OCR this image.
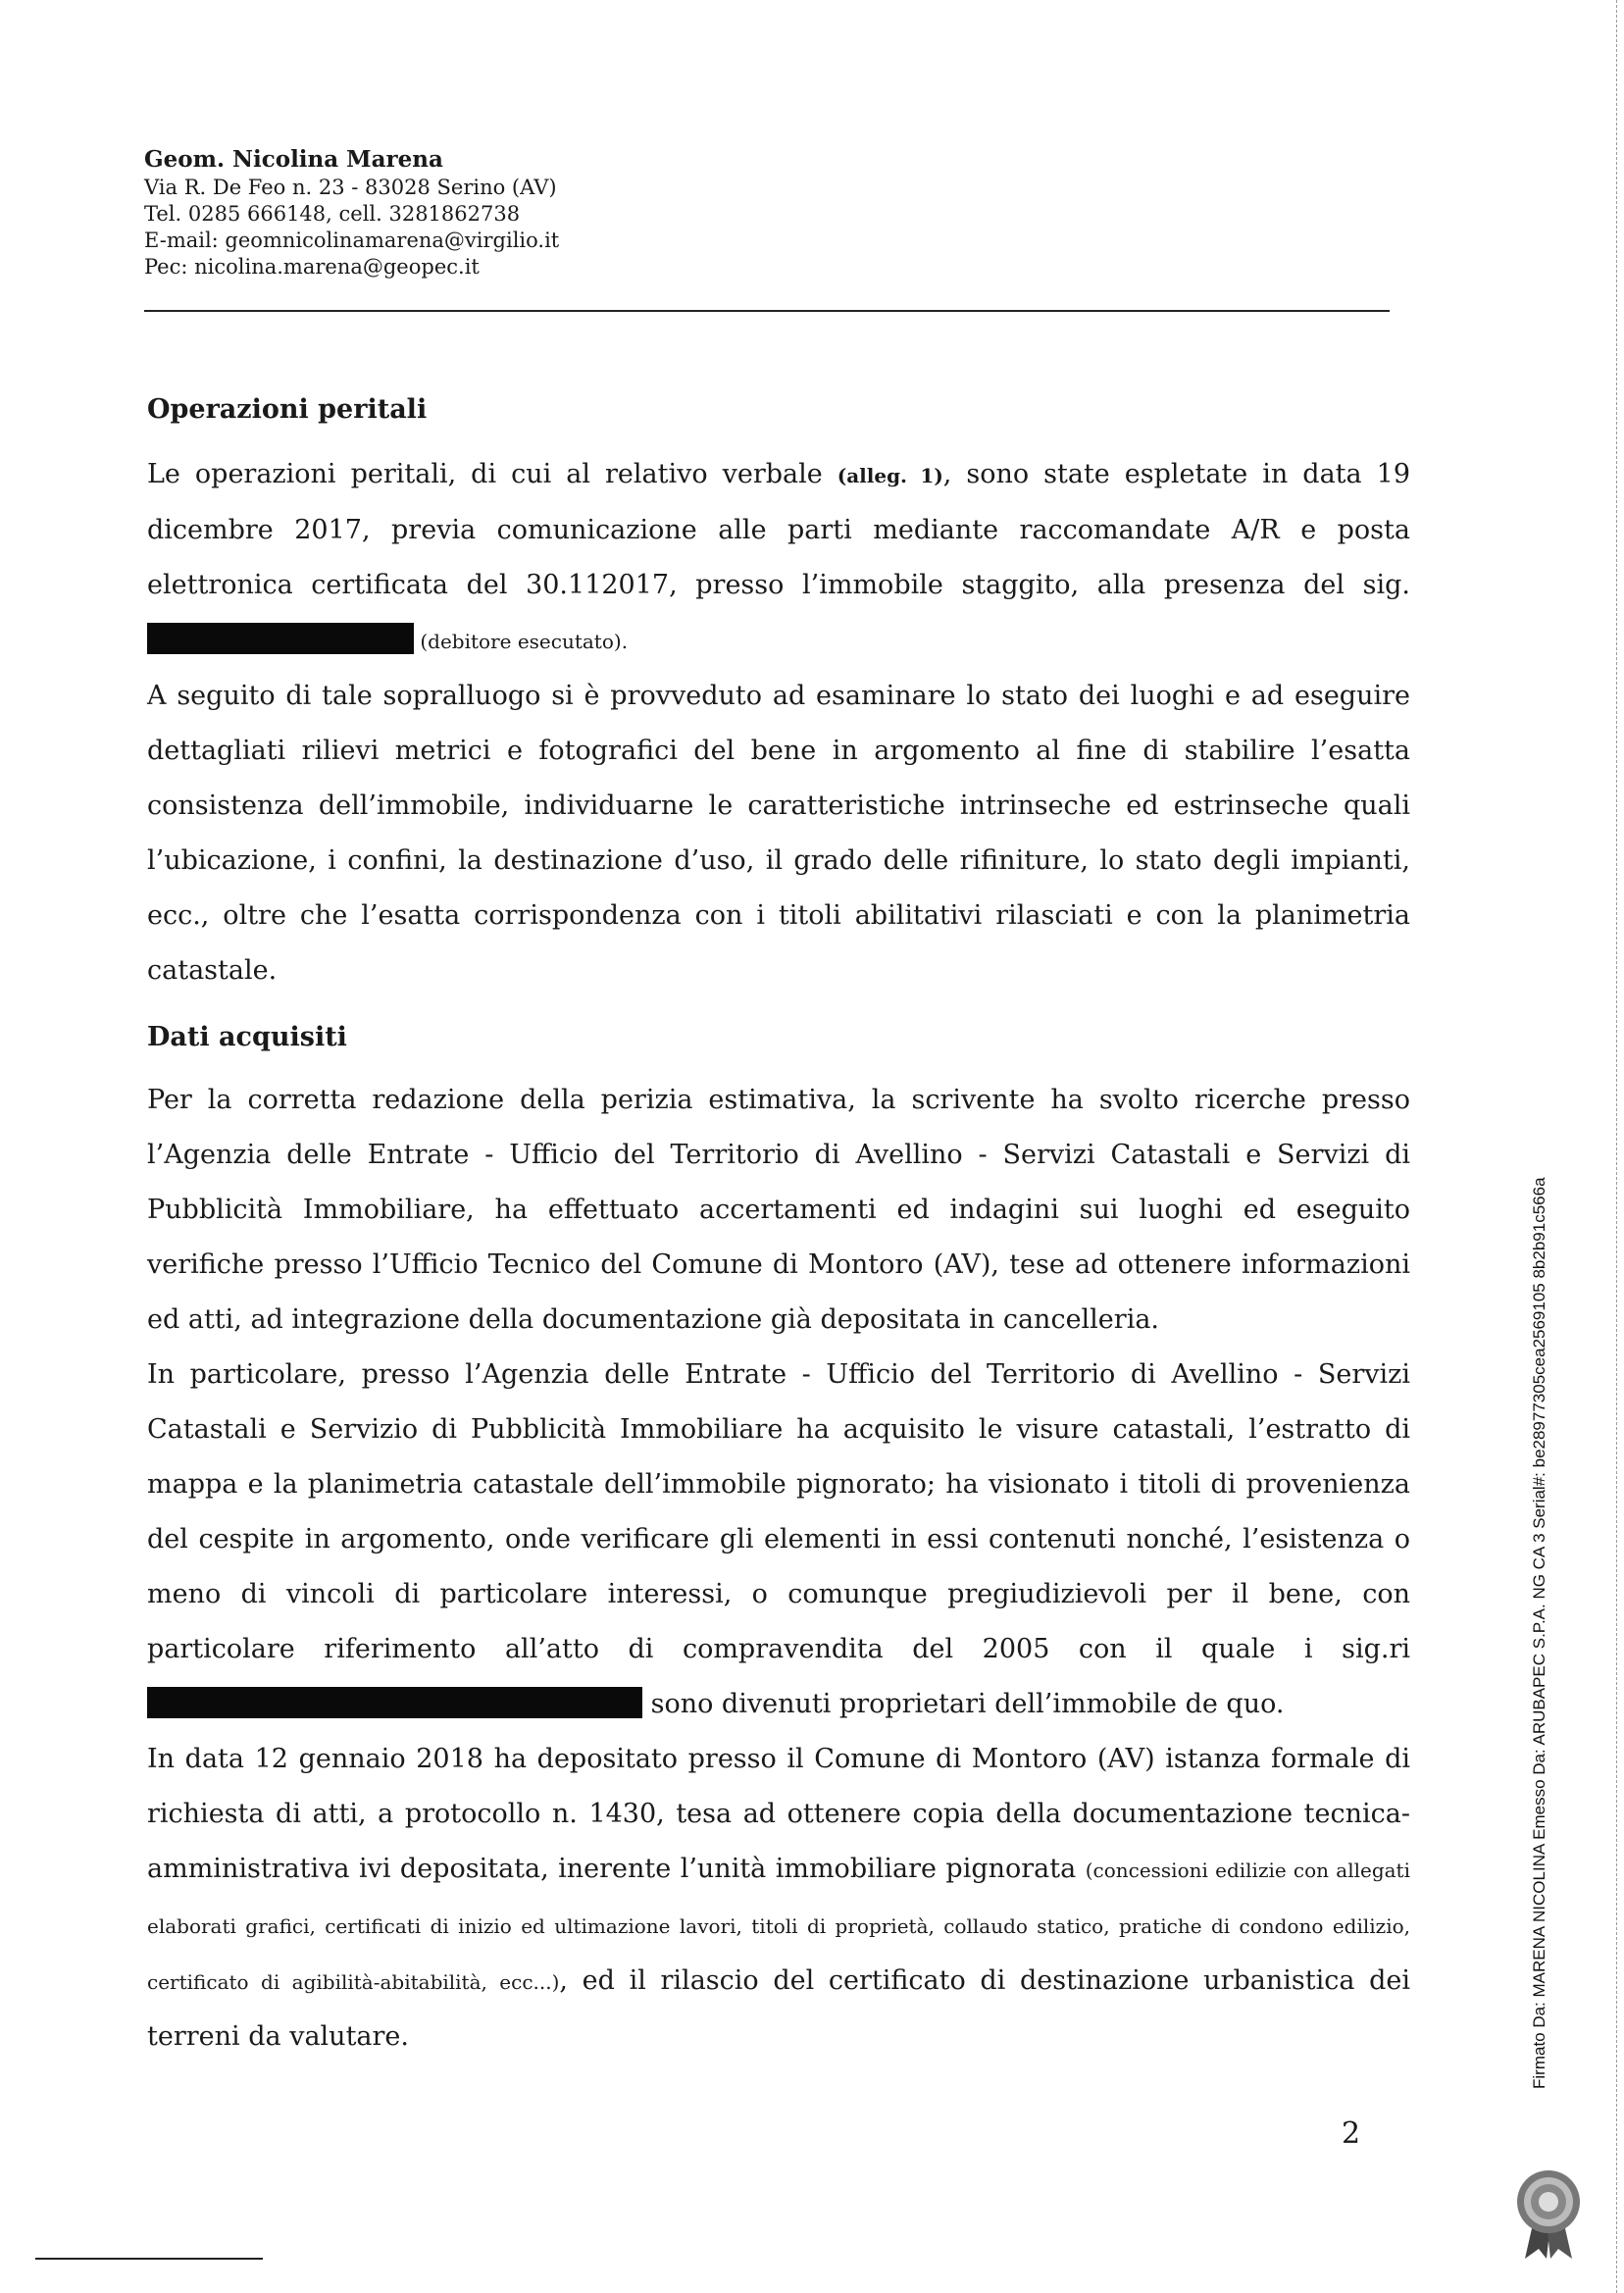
Geom. Nicolina Marena
Via R. De Feo n. 23 - 83028 Serino (AV)
Tel. 0285 666148, cell. 3281862738
E-mail: geomnicolinamarena@virgilio.it
Pec: nicolina.marena@geopec.it
Operazioni peritali

Le operazioni peritali, di cui al relativo verbale (alleg. 1), sono state espletate in data 19 dicembre 2017, previa comunicazione alle parti mediante raccomandate A/R e posta elettronica certificata del 30.112017, presso l’immobile staggito, alla presenza del sig.  (debitore esecutato).

A seguito di tale sopralluogo si è provveduto ad esaminare lo stato dei luoghi e ad eseguire dettagliati rilievi metrici e fotografici del bene in argomento al fine di stabilire l’esatta consistenza dell’immobile, individuarne le caratteristiche intrinseche ed estrinseche quali l’ubicazione, i confini, la destinazione d’uso, il grado delle rifiniture, lo stato degli impianti, ecc., oltre che l’esatta corrispondenza con i titoli abilitativi rilasciati e con la planimetria catastale.

Dati acquisiti

Per la corretta redazione della perizia estimativa, la scrivente ha svolto ricerche presso l’Agenzia delle Entrate - Ufficio del Territorio di Avellino - Servizi Catastali e Servizi di Pubblicità Immobiliare, ha effettuato accertamenti ed indagini sui luoghi ed eseguito verifiche presso l’Ufficio Tecnico del Comune di Montoro (AV), tese ad ottenere informazioni ed atti, ad integrazione della documentazione già depositata in cancelleria.

In particolare, presso l’Agenzia delle Entrate - Ufficio del Territorio di Avellino - Servizi Catastali e Servizio di Pubblicità Immobiliare ha acquisito le visure catastali, l’estratto di mappa e la planimetria catastale dell’immobile pignorato; ha visionato i titoli di provenienza del cespite in argomento, onde verificare gli elementi in essi contenuti nonché, l’esistenza o meno di vincoli di particolare interessi, o comunque pregiudizievoli per il bene, con particolare riferimento all’atto di compravendita del 2005 con il quale i sig.ri  sono divenuti proprietari dell’immobile de quo.

In data 12 gennaio 2018 ha depositato presso il Comune di Montoro (AV) istanza formale di richiesta di atti, a protocollo n. 1430, tesa ad ottenere copia della documentazione tecnica-amministrativa ivi depositata, inerente l’unità immobiliare pignorata (concessioni edilizie con allegati elaborati grafici, certificati di inizio ed ultimazione lavori, titoli di proprietà, collaudo statico, pratiche di condono edilizio, certificato di agibilità-abitabilità, ecc...), ed il rilascio del certificato di destinazione urbanistica dei terreni da valutare.

2
Firmato Da: MARENA NICOLINA Emesso Da: ARUBAPEC S.P.A. NG CA 3 Serial#: be28977305cea2569105 8b2b91c566a
